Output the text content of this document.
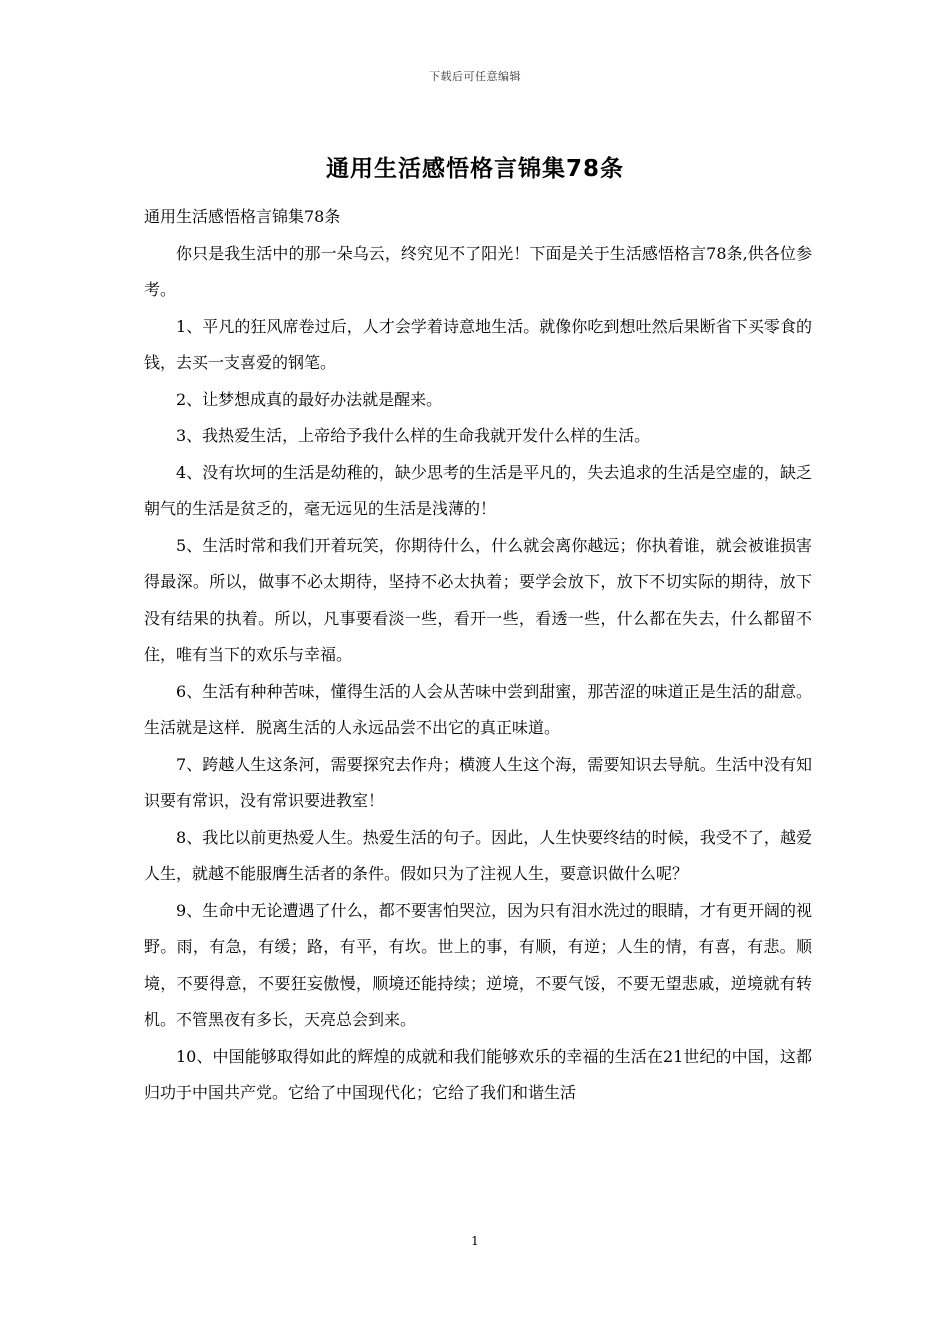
下载后可任意编辑
通用生活感悟格言锦集78条

通用生活感悟格言锦集78条

你只是我生活中的那一朵乌云，终究见不了阳光！下面是关于生活感悟格言78条,供各位参考。

1、平凡的狂风席卷过后，人才会学着诗意地生活。就像你吃到想吐然后果断省下买零食的钱，去买一支喜爱的钢笔。

2、让梦想成真的最好办法就是醒来。

3、我热爱生活，上帝给予我什么样的生命我就开发什么样的生活。

4、没有坎坷的生活是幼稚的，缺少思考的生活是平凡的，失去追求的生活是空虚的，缺乏朝气的生活是贫乏的，毫无远见的生活是浅薄的！

5、生活时常和我们开着玩笑，你期待什么，什么就会离你越远；你执着谁，就会被谁损害得最深。所以，做事不必太期待，坚持不必太执着；要学会放下，放下不切实际的期待，放下没有结果的执着。所以，凡事要看淡一些，看开一些，看透一些，什么都在失去，什么都留不住，唯有当下的欢乐与幸福。

6、生活有种种苦味，懂得生活的人会从苦味中尝到甜蜜，那苦涩的味道正是生活的甜意。生活就是这样．脱离生活的人永远品尝不出它的真正味道。

7、跨越人生这条河，需要探究去作舟；横渡人生这个海，需要知识去导航。生活中没有知识要有常识，没有常识要进教室！

8、我比以前更热爱人生。热爱生活的句子。因此，人生快要终结的时候，我受不了，越爱人生，就越不能服膺生活者的条件。假如只为了注视人生，要意识做什么呢？

9、生命中无论遭遇了什么，都不要害怕哭泣，因为只有泪水洗过的眼睛，才有更开阔的视野。雨，有急，有缓；路，有平，有坎。世上的事，有顺，有逆；人生的情，有喜，有悲。顺境，不要得意，不要狂妄傲慢，顺境还能持续；逆境，不要气馁，不要无望悲戚，逆境就有转机。不管黑夜有多长，天亮总会到来。

10、中国能够取得如此的辉煌的成就和我们能够欢乐的幸福的生活在21世纪的中国，这都归功于中国共产党。它给了中国现代化；它给了我们和谐生活

1
